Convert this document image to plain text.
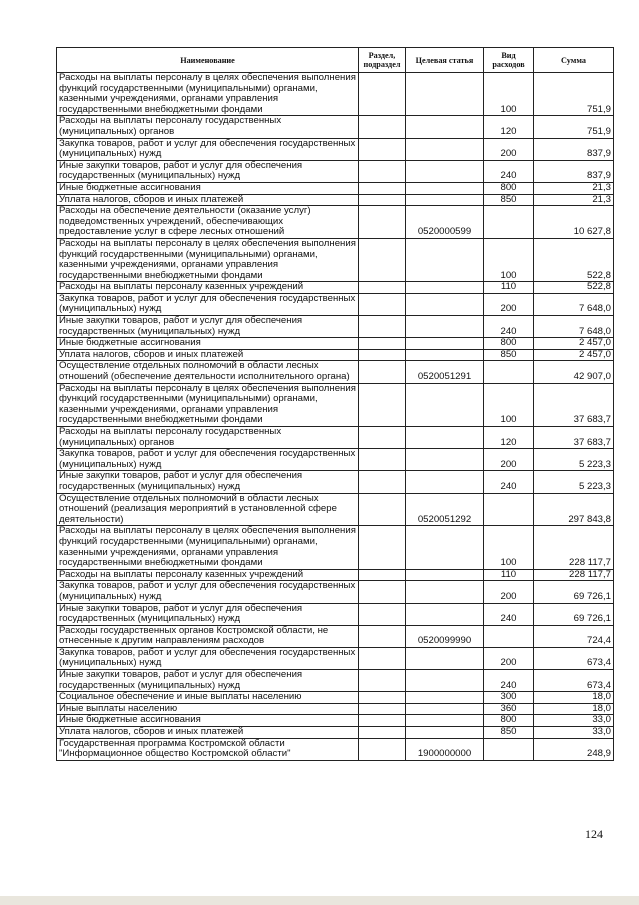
Наименование	Раздел, подраздел	Целевая статья	Вид расходов	Сумма
Расходы на выплаты персоналу в целях обеспечения выполнения функций государственными (муниципальными) органами, казенными учреждениями, органами управления государственными внебюджетными фондами			100	751,9
Расходы на выплаты персоналу государственных (муниципальных) органов			120	751,9
Закупка товаров, работ и услуг для обеспечения государственных (муниципальных) нужд			200	837,9
Иные закупки товаров, работ и услуг для обеспечения государственных (муниципальных) нужд			240	837,9
Иные бюджетные ассигнования			800	21,3
Уплата налогов, сборов и иных платежей			850	21,3
Расходы на обеспечение деятельности (оказание услуг) подведомственных учреждений, обеспечивающих предоставление услуг в сфере лесных отношений		0520000599		10 627,8
Расходы на выплаты персоналу в целях обеспечения выполнения функций государственными (муниципальными) органами, казенными учреждениями, органами управления государственными внебюджетными фондами			100	522,8
Расходы на выплаты персоналу казенных учреждений			110	522,8
Закупка товаров, работ и услуг для обеспечения государственных (муниципальных) нужд			200	7 648,0
Иные закупки товаров, работ и услуг для обеспечения государственных (муниципальных) нужд			240	7 648,0
Иные бюджетные ассигнования			800	2 457,0
Уплата налогов, сборов и иных платежей			850	2 457,0
Осуществление отдельных полномочий в области лесных отношений (обеспечение деятельности исполнительного органа)		0520051291		42 907,0
Расходы на выплаты персоналу в целях обеспечения выполнения функций государственными (муниципальными) органами, казенными учреждениями, органами управления государственными внебюджетными фондами			100	37 683,7
Расходы на выплаты персоналу государственных (муниципальных) органов			120	37 683,7
Закупка товаров, работ и услуг для обеспечения государственных (муниципальных) нужд			200	5 223,3
Иные закупки товаров, работ и услуг для обеспечения государственных (муниципальных) нужд			240	5 223,3
Осуществление отдельных полномочий в области лесных отношений (реализация мероприятий в установленной сфере деятельности)		0520051292		297 843,8
Расходы на выплаты персоналу в целях обеспечения выполнения функций государственными (муниципальными) органами, казенными учреждениями, органами управления государственными внебюджетными фондами			100	228 117,7
Расходы на выплаты персоналу казенных учреждений			110	228 117,7
Закупка товаров, работ и услуг для обеспечения государственных (муниципальных) нужд			200	69 726,1
Иные закупки товаров, работ и услуг для обеспечения государственных (муниципальных) нужд			240	69 726,1
Расходы государственных органов Костромской области, не отнесенные к другим направлениям расходов		0520099990		724,4
Закупка товаров, работ и услуг для обеспечения государственных (муниципальных) нужд			200	673,4
Иные закупки товаров, работ и услуг для обеспечения государственных (муниципальных) нужд			240	673,4
Социальное обеспечение и иные выплаты населению			300	18,0
Иные выплаты населению			360	18,0
Иные бюджетные ассигнования			800	33,0
Уплата налогов, сборов и иных платежей			850	33,0
Государственная программа Костромской области "Информационное общество Костромской области"		1900000000		248,9
124
